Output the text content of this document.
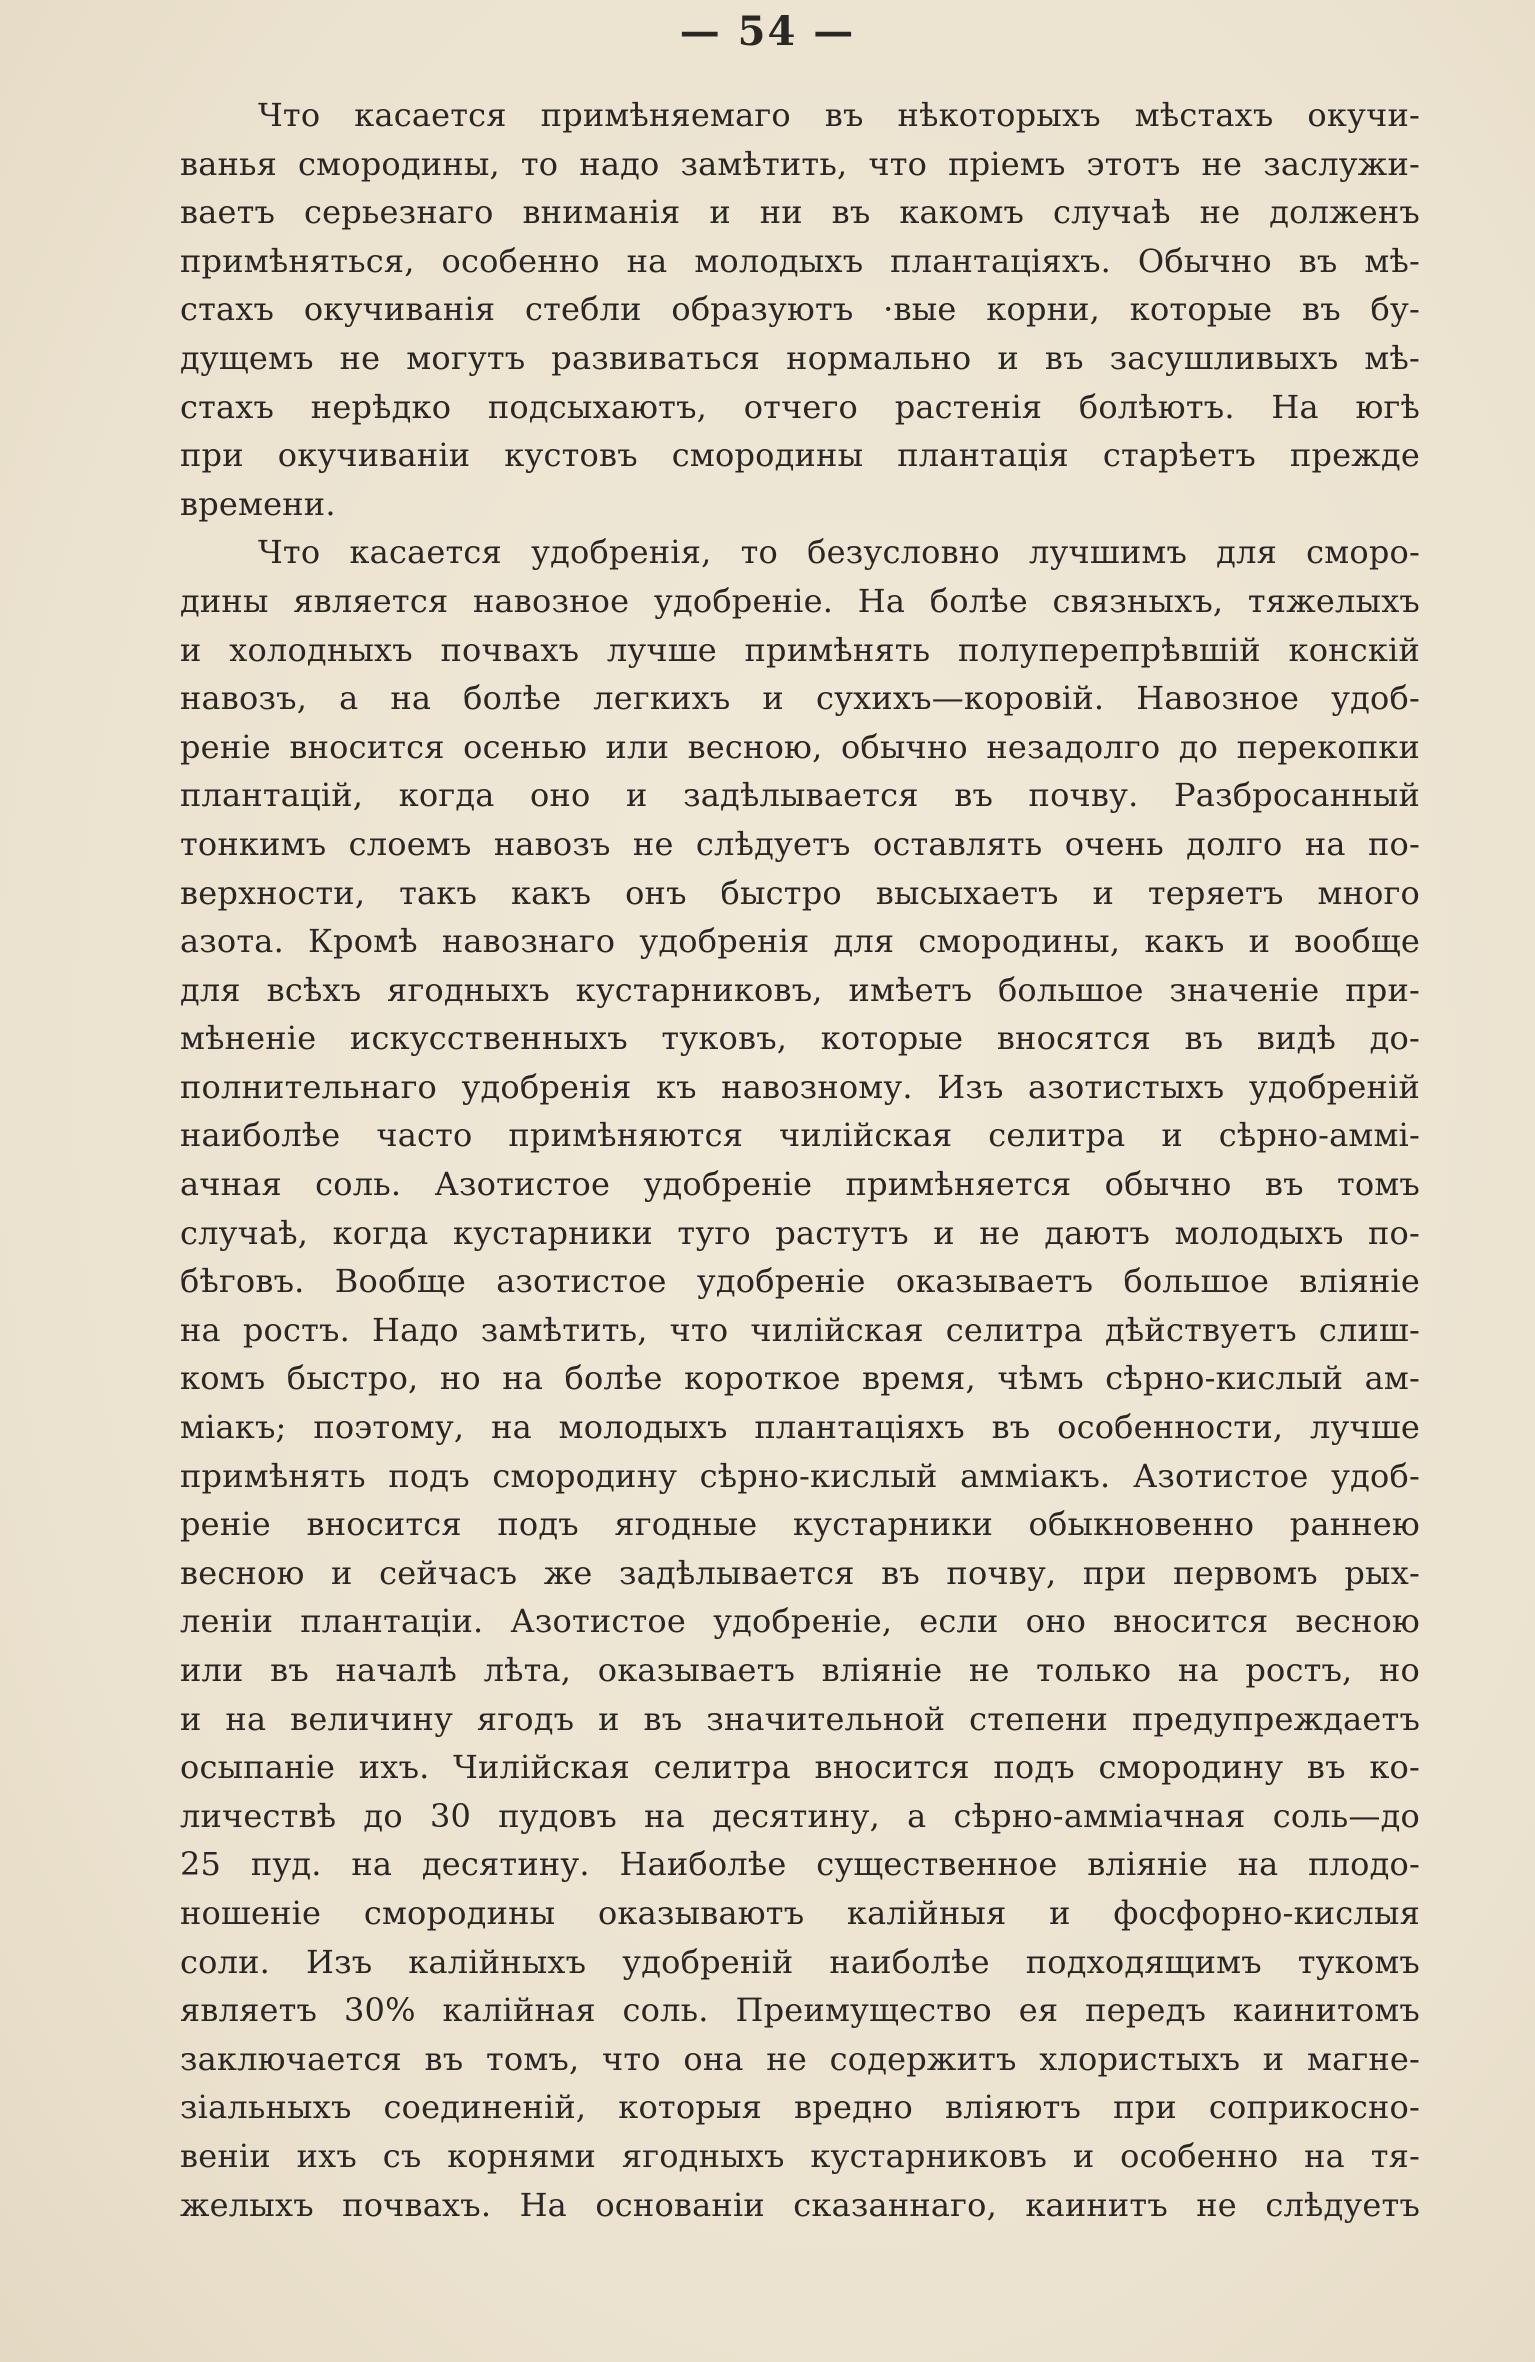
— 54 —
Что касается примѣняемаго въ нѣкоторыхъ мѣстахъ окучи-
ванья смородины, то надо замѣтить, что пріемъ этотъ не заслужи-
ваетъ серьезнаго вниманія и ни въ какомъ случаѣ не долженъ
примѣняться, особенно на молодыхъ плантаціяхъ. Обычно въ мѣ-
стахъ окучиванія стебли образуютъ ·вые корни, которые въ бу-
дущемъ не могутъ развиваться нормально и въ засушливыхъ мѣ-
стахъ нерѣдко подсыхаютъ, отчего растенія болѣютъ. На югѣ
при окучиваніи кустовъ смородины плантація старѣетъ прежде
времени.
Что касается удобренія, то безусловно лучшимъ для сморо-
дины является навозное удобреніе. На болѣе связныхъ, тяжелыхъ
и холодныхъ почвахъ лучше примѣнять полуперепрѣвшій конскій
навозъ, а на болѣе легкихъ и сухихъ—коровій. Навозное удоб-
реніе вносится осенью или весною, обычно незадолго до перекопки
плантацій, когда оно и задѣлывается въ почву. Разбросанный
тонкимъ слоемъ навозъ не слѣдуетъ оставлять очень долго на по-
верхности, такъ какъ онъ быстро высыхаетъ и теряетъ много
азота. Кромѣ навознаго удобренія для смородины, какъ и вообще
для всѣхъ ягодныхъ кустарниковъ, имѣетъ большое значеніе при-
мѣненіе искусственныхъ туковъ, которые вносятся въ видѣ до-
полнительнаго удобренія къ навозному. Изъ азотистыхъ удобреній
наиболѣе часто примѣняются чилійская селитра и сѣрно-аммі-
ачная соль. Азотистое удобреніе примѣняется обычно въ томъ
случаѣ, когда кустарники туго растутъ и не даютъ молодыхъ по-
бѣговъ. Вообще азотистое удобреніе оказываетъ большое вліяніе
на ростъ. Надо замѣтить, что чилійская селитра дѣйствуетъ слиш-
комъ быстро, но на болѣе короткое время, чѣмъ сѣрно-кислый ам-
міакъ; поэтому, на молодыхъ плантаціяхъ въ особенности, лучше
примѣнять подъ смородину сѣрно-кислый аммiакъ. Азотистое удоб-
реніе вносится подъ ягодные кустарники обыкновенно раннею
весною и сейчасъ же задѣлывается въ почву, при первомъ рых-
леніи плантаціи. Азотистое удобреніе, если оно вносится весною
или въ началѣ лѣта, оказываетъ вліяніе не только на ростъ, но
и на величину ягодъ и въ значительной степени предупреждаетъ
осыпаніе ихъ. Чилійская селитра вносится подъ смородину въ ко-
личествѣ до 30 пудовъ на десятину, а сѣрно-амміачная соль—до
25 пуд. на десятину. Наиболѣе существенное вліяніе на плодо-
ношеніе смородины оказываютъ калійныя и фосфорно-кислыя
соли. Изъ калійныхъ удобреній наиболѣе подходящимъ тукомъ
являетъ 30% калійная соль. Преимущество ея передъ каинитомъ
заключается въ томъ, что она не содержитъ хлористыхъ и магне-
зіальныхъ соединеній, которыя вредно вліяютъ при соприкосно-
веніи ихъ съ корнями ягодныхъ кустарниковъ и особенно на тя-
желыхъ почвахъ. На основаніи сказаннаго, каинитъ не слѣдуетъ
